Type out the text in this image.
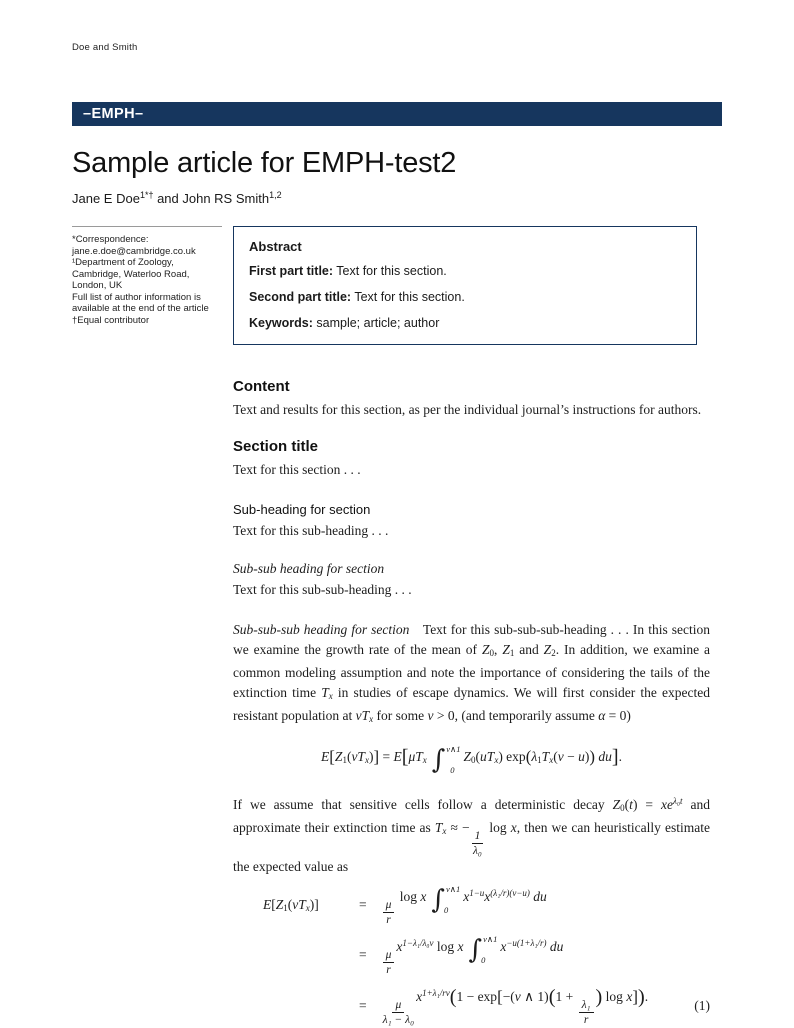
Doe and Smith
–EMPH–
Sample article for EMPH-test2
Jane E Doe$^{1*\dagger}$ and John RS Smith$^{1,2}$
*Correspondence:
jane.e.doe@cambridge.co.uk
¹Department of Zoology,
Cambridge, Waterloo Road,
London, UK
Full list of author information is
available at the end of the article
†Equal contributor
Abstract
First part title: Text for this section.
Second part title: Text for this section.
Keywords: sample; article; author
Content

Text and results for this section, as per the individual journal’s instructions for authors.

Section title

Text for this section . . .

Sub-heading for section

Text for this sub-heading . . .

Sub-sub heading for section

Text for this sub-sub-heading . . .

Sub-sub-sub heading for section Text for this sub-sub-sub-heading . . . In this section we examine the growth rate of the mean of Z0, Z1 and Z2. In addition, we examine a common modeling assumption and note the importance of considering the tails of the extinction time Tx in studies of escape dynamics. We will first consider the expected resistant population at vTx for some v > 0, (and temporarily assume α = 0)

E[Z1(vTx)] = E[μTx ∫ v∧1
0
Z0(uTx) exp(λ1Tx(v − u)) du].

If we assume that sensitive cells follow a deterministic decay $Z0(t) = xe^{\lambda_0t}$ and approximate their extinction time as Tx ≈ −
$\frac{1}{\text{λ₀}}$
log x, then we can heuristically estimate the expected value as

E[Z1(vTx)]	= $\frac{\mu}{r}$
log x ∫ v∧1
0
$x^{1-u}x^{(\lambda_1/r)(v-u)}$ du
= $\frac{\mu}{r}$
$x^{1-\lambda_1/\lambda_0v}$ log x ∫ v∧1
0
$x^{-u(1+\lambda_1/r)}$ du
= $\frac{\mu}{\text{λ₁ − λ₀}}$
$x^{1+\lambda_1/rv}(1 - \exp[-(v$ ∧ 1)(1 +
$\frac{\text{λ₁}}{r}$
) log x]).
(1)
